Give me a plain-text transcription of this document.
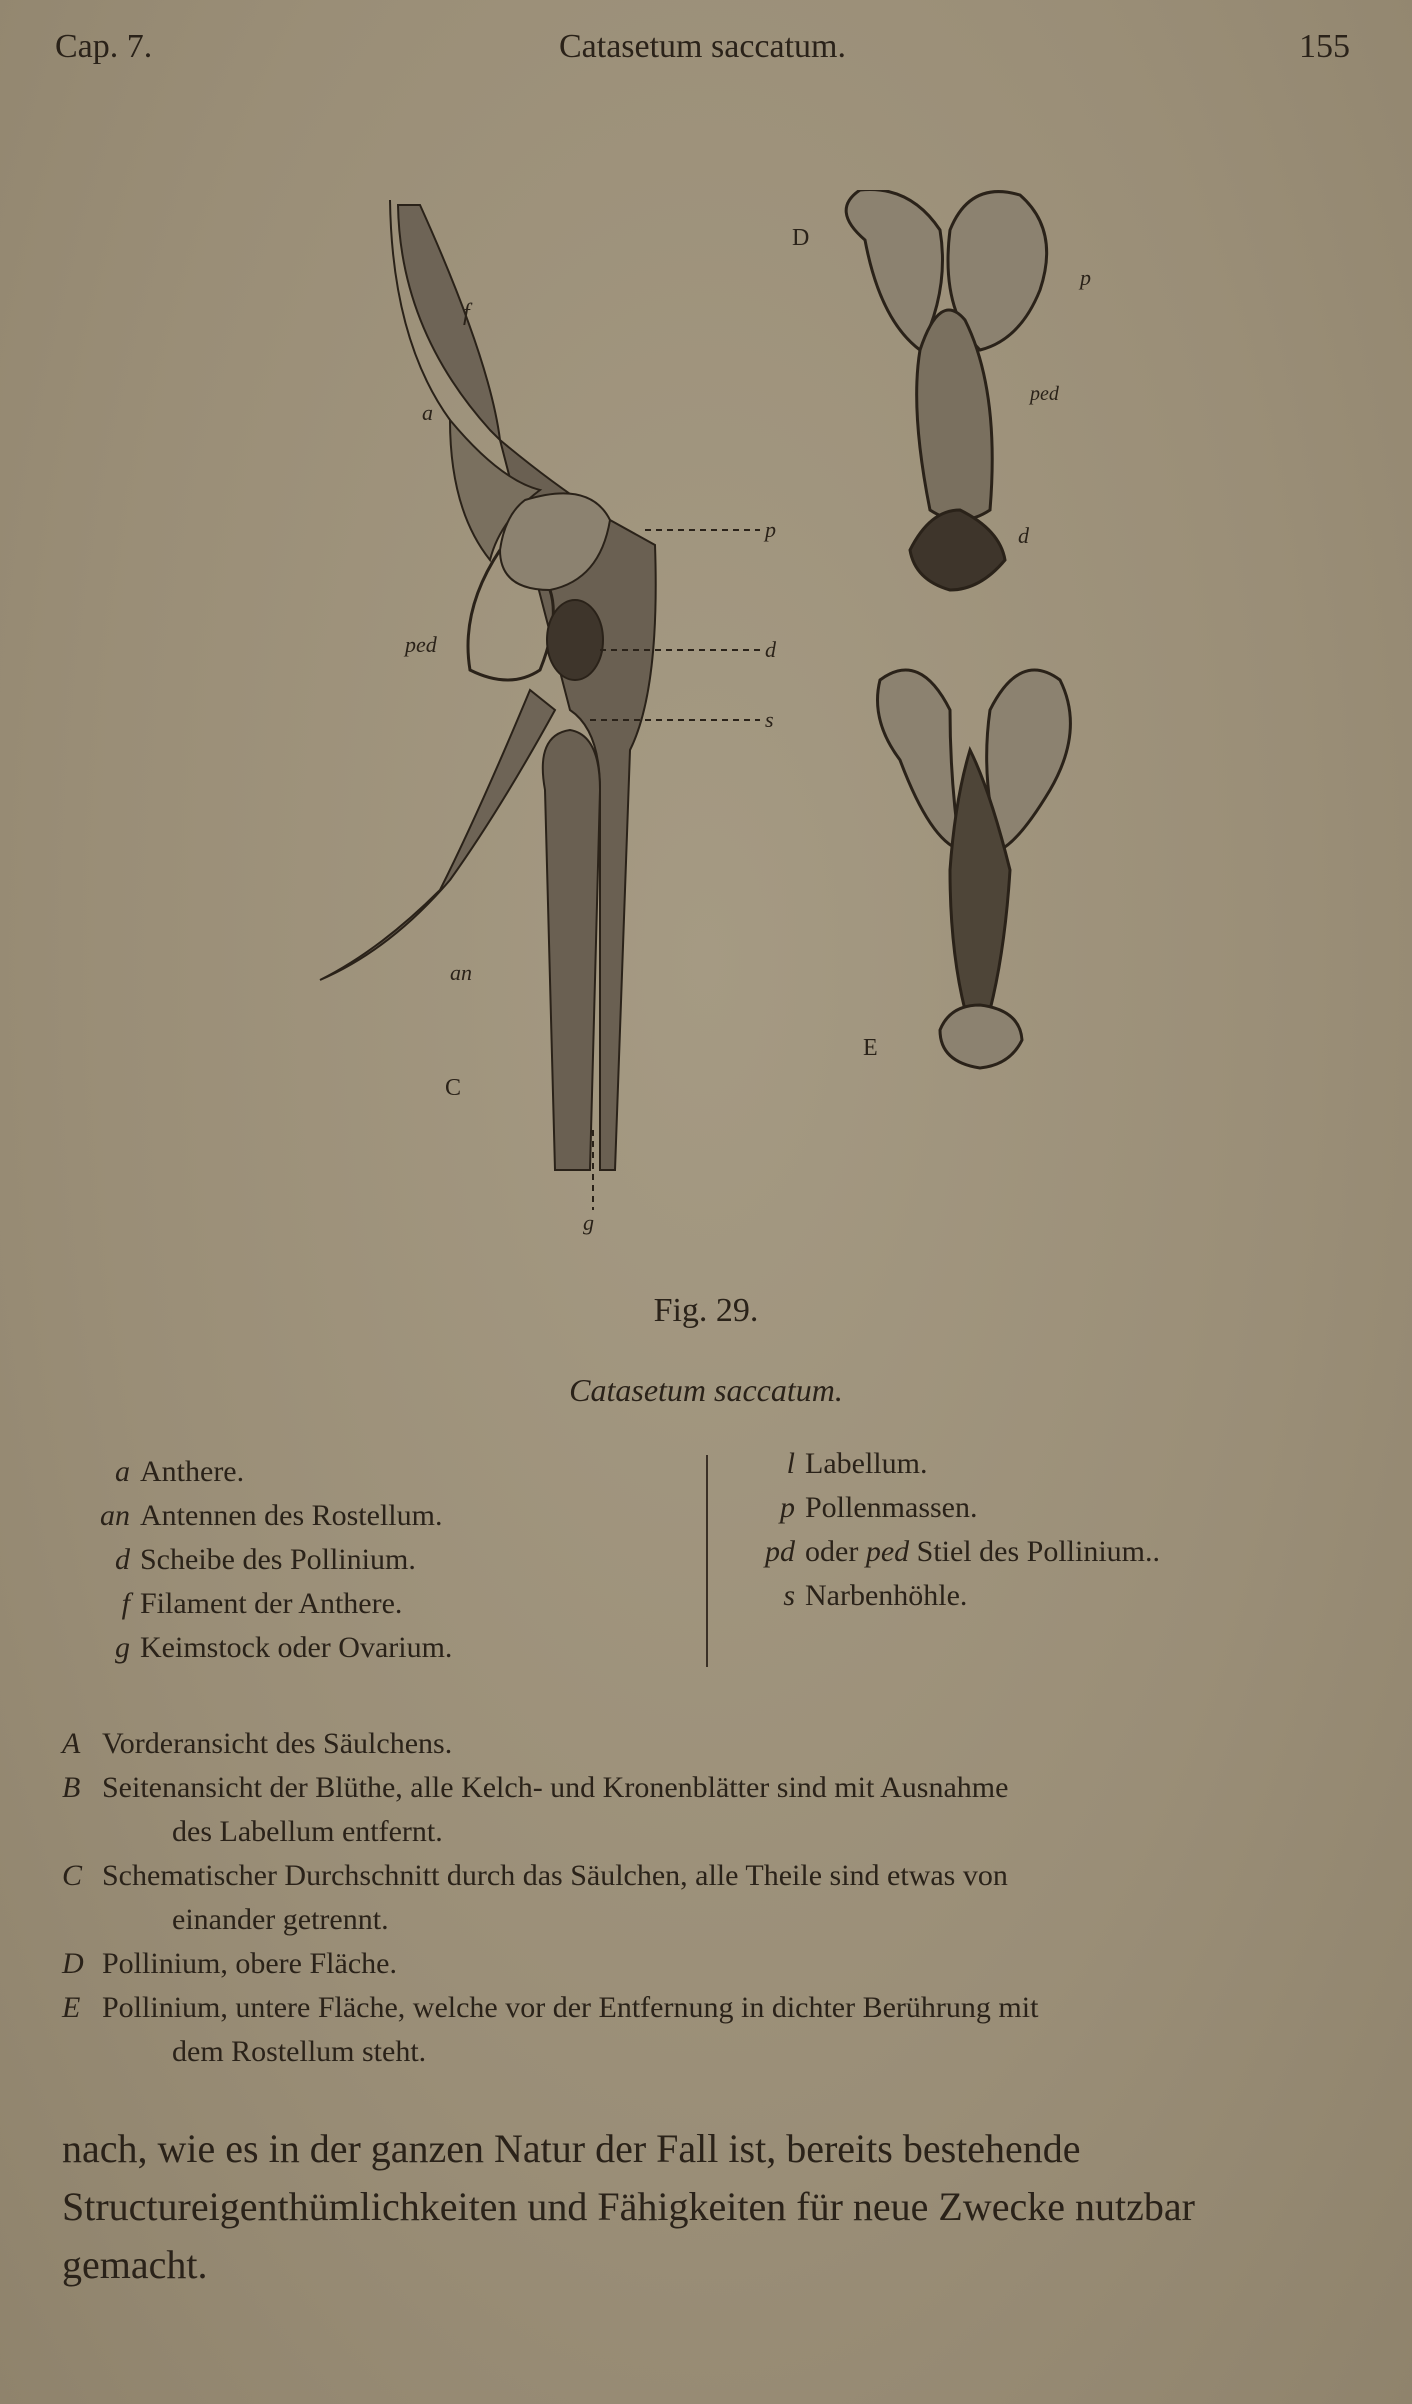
Cap. 7.	Catasetum saccatum.	155
f
a
p
ped	d
s
an
C
g
D
p
ped
d
E
Fig. 29.
Catasetum saccatum.
a Anthere.
an Antennen des Rostellum.
d Scheibe des Pollinium.
f Filament der Anthere.
g Keimstock oder Ovarium.
l Labellum.
p Pollenmassen.
pd oder ped Stiel des Pollinium..
s Narbenhöhle.
A Vorderansicht des Säulchens.
B Seitenansicht der Blüthe, alle Kelch- und Kronenblätter sind mit Ausnahme
des Labellum entfernt.
C Schematischer Durchschnitt durch das Säulchen, alle Theile sind etwas von
einander getrennt.
D Pollinium, obere Fläche.
E Pollinium, untere Fläche, welche vor der Entfernung in dichter Berührung mit
dem Rostellum steht.
nach, wie es in der ganzen Natur der Fall ist, bereits bestehende
Structureigenthümlichkeiten und Fähigkeiten für neue Zwecke nutzbar
gemacht.
